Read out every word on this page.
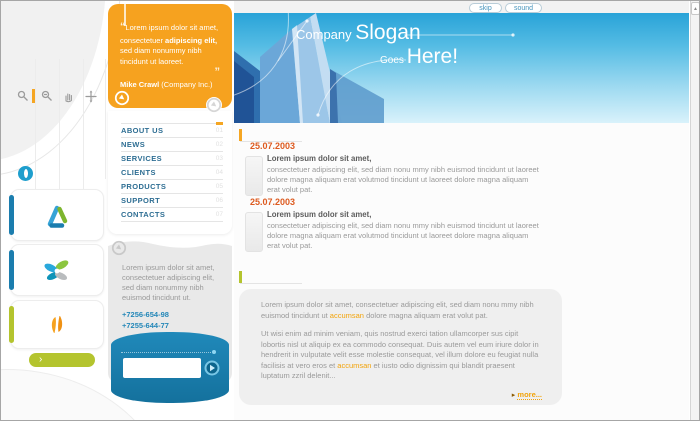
›
“Lorem ipsum dolor sit amet, consectetuer adipiscing elit, sed diam nonummy nibh tincidunt ut laoreet.
”
Mike Crawl (Company Inc.)
ABOUT US	01
NEWS	02
SERVICES	03
CLIENTS	04
PRODUCTS	05
SUPPORT	06
CONTACTS	07
Lorem ipsum dolor sit amet, consectetuer adipiscing elit, sed diam nonummy nibh euismod tincidunt ut.
+7256-654-98
+7255-644-77
skip	sound
Company Slogan
Goes Here!
25.07.2003
Lorem ipsum dolor sit amet,
consectetuer adipiscing elit, sed diam nonu mmy nibh euismod tincidunt ut laoreet dolore magna aliquam erat volutmod tincidunt ut laoreet dolore magna aliquam erat volut pat.
25.07.2003
Lorem ipsum dolor sit amet,
consectetuer adipiscing elit, sed diam nonu mmy nibh euismod tincidunt ut laoreet dolore magna aliquam erat volutmod tincidunt ut laoreet dolore magna aliquam erat volut pat.

Lorem ipsum dolor sit amet, consectetuer adipiscing elit, sed diam nonu mmy nibh euismod tincidunt ut accumsan dolore magna aliquam erat volut pat.

Ut wisi enim ad minim veniam, quis nostrud exerci tation ullamcorper sus cipit lobortis nisl ut aliquip ex ea commodo consequat. Duis autem vel eum iriure dolor in hendrerit in vulputate velit esse molestie consequat, vel illum dolore eu feugiat nulla facilisis at vero eros et accumsan et iusto odio dignissim qui blandit praesent luptatum zzril delenit...

▸ more...
▲
